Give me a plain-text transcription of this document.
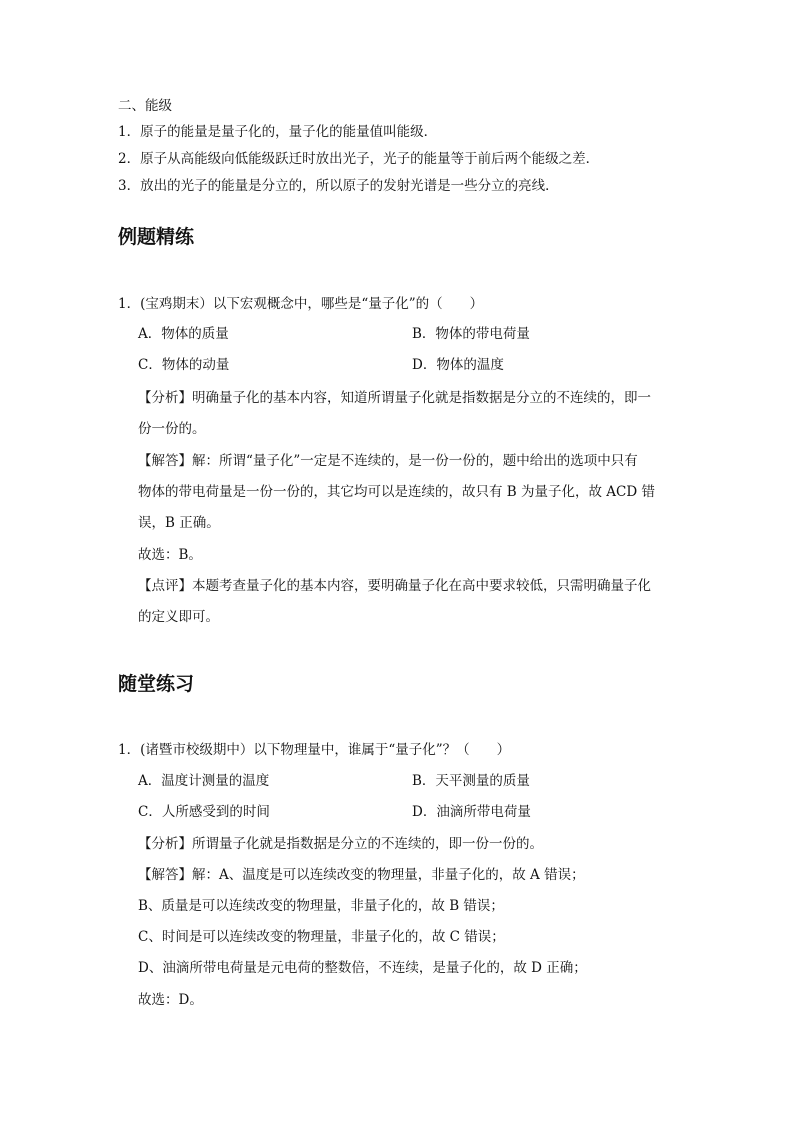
二、能级
1．原子的能量是量子化的，量子化的能量值叫能级．
2．原子从高能级向低能级跃迁时放出光子，光子的能量等于前后两个能级之差．
3．放出的光子的能量是分立的，所以原子的发射光谱是一些分立的亮线．
例题精练
1．(宝鸡期末）以下宏观概念中，哪些是“量子化”的（　　）
A．物体的质量	B．物体的带电荷量
C．物体的动量	D．物体的温度
【分析】明确量子化的基本内容，知道所谓量子化就是指数据是分立的不连续的，即一
份一份的。
【解答】解：所谓“量子化”一定是不连续的，是一份一份的，题中给出的选项中只有
物体的带电荷量是一份一份的，其它均可以是连续的，故只有 B 为量子化，故 ACD 错
误，B 正确。
故选：B。
【点评】本题考查量子化的基本内容，要明确量子化在高中要求较低，只需明确量子化
的定义即可。
随堂练习
1．(诸暨市校级期中）以下物理量中，谁属于“量子化”？（　　）
A．温度计测量的温度	B．天平测量的质量
C．人所感受到的时间	D．油滴所带电荷量
【分析】所谓量子化就是指数据是分立的不连续的，即一份一份的。
【解答】解：A、温度是可以连续改变的物理量，非量子化的，故 A 错误；
B、质量是可以连续改变的物理量，非量子化的，故 B 错误；
C、时间是可以连续改变的物理量，非量子化的，故 C 错误；
D、油滴所带电荷量是元电荷的整数倍，不连续，是量子化的，故 D 正确；
故选：D。
